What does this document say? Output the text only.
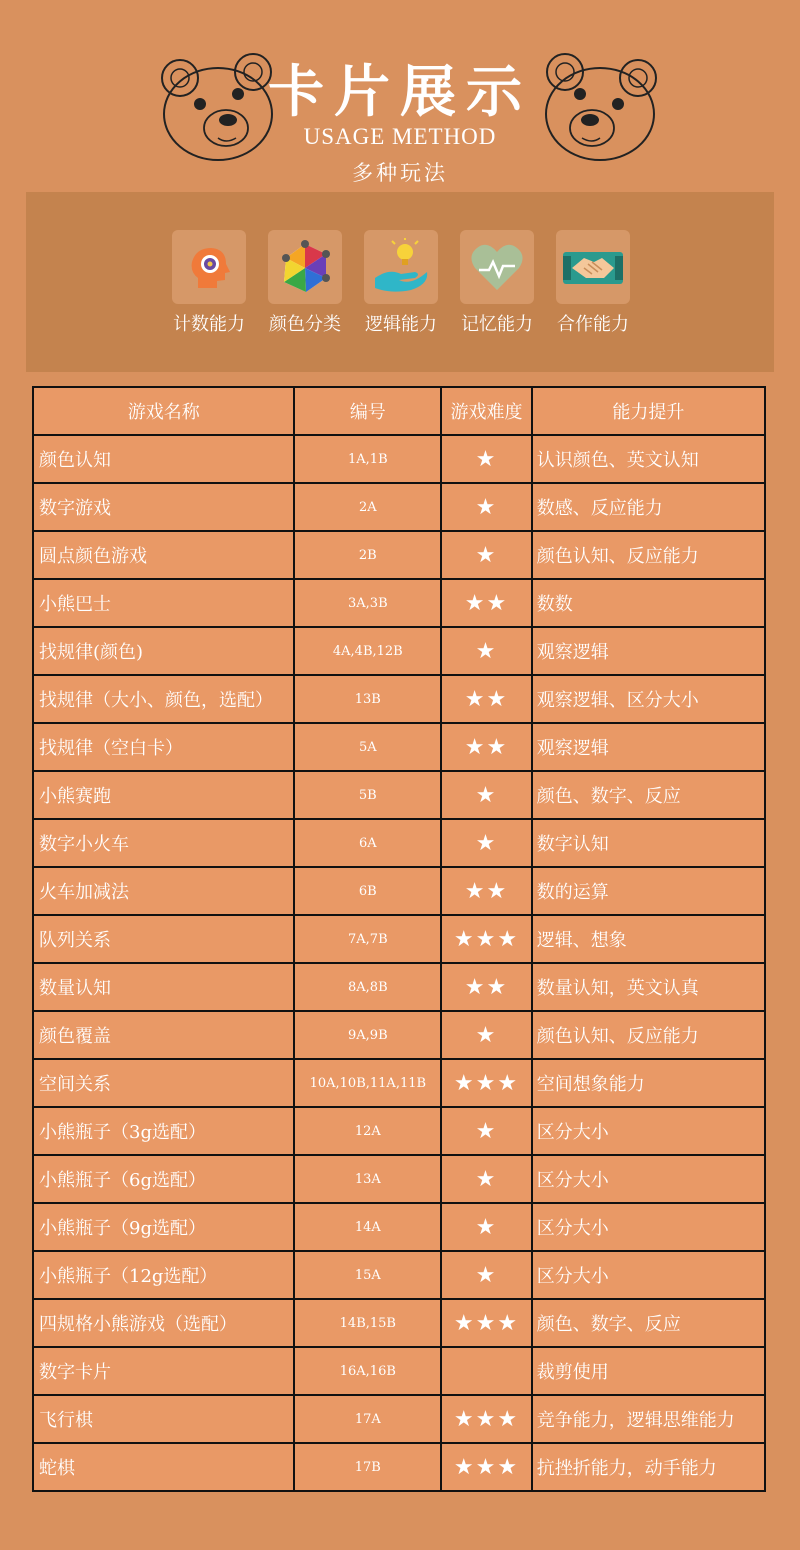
卡片展示
USAGE METHOD
多种玩法
计数能力	颜色分类	逻辑能力	记忆能力	合作能力
游戏名称	编号	游戏难度	能力提升
颜色认知	1A,1B	★	认识颜色、英文认知
数字游戏	2A	★	数感、反应能力
圆点颜色游戏	2B	★	颜色认知、反应能力
小熊巴士	3A,3B	★★	数数
找规律(颜色)	4A,4B,12B	★	观察逻辑
找规律（大小、颜色，选配）	13B	★★	观察逻辑、区分大小
找规律（空白卡）	5A	★★	观察逻辑
小熊赛跑	5B	★	颜色、数字、反应
数字小火车	6A	★	数字认知
火车加减法	6B	★★	数的运算
队列关系	7A,7B	★★★	逻辑、想象
数量认知	8A,8B	★★	数量认知，英文认真
颜色覆盖	9A,9B	★	颜色认知、反应能力
空间关系	10A,10B,11A,11B	★★★	空间想象能力
小熊瓶子（3g选配）	12A	★	区分大小
小熊瓶子（6g选配）	13A	★	区分大小
小熊瓶子（9g选配）	14A	★	区分大小
小熊瓶子（12g选配）	15A	★	区分大小
四规格小熊游戏（选配）	14B,15B	★★★	颜色、数字、反应
数字卡片	16A,16B		裁剪使用
飞行棋	17A	★★★	竞争能力，逻辑思维能力
蛇棋	17B	★★★	抗挫折能力，动手能力
